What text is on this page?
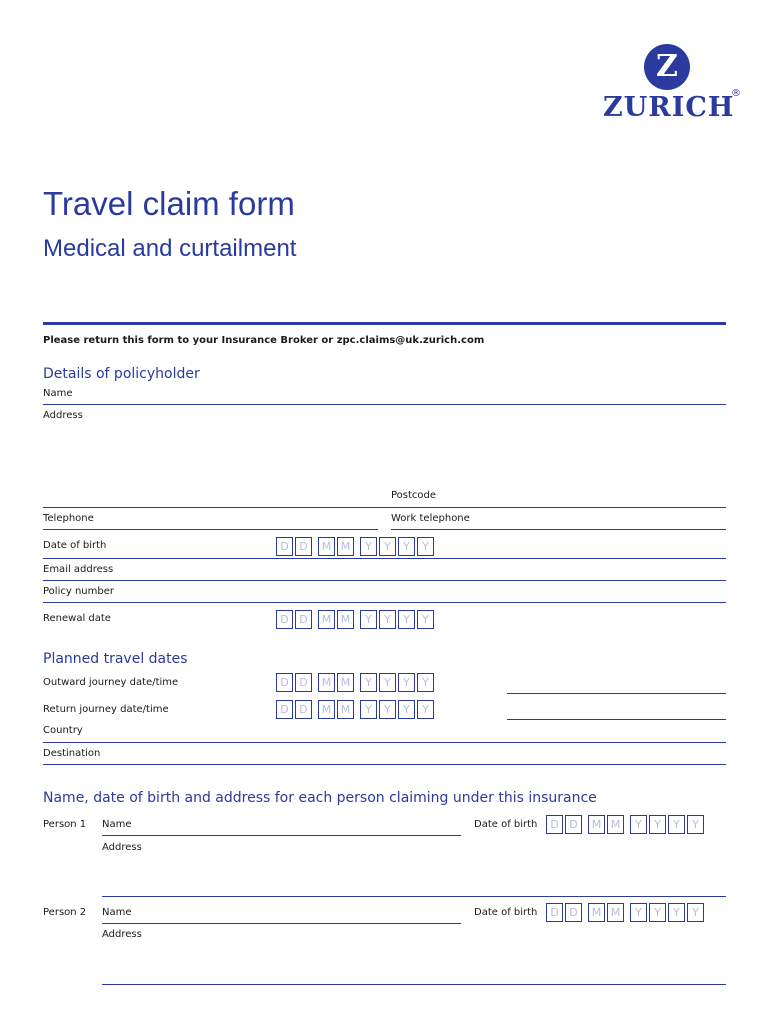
Z
ZURICH
®
Travel claim form
Medical and curtailment
Please return this form to your Insurance Broker or zpc.claims@uk.zurich.com
Details of policyholder
Name
Address
Postcode
Telephone	Work telephone
Date of birth	D D	M M	Y	Y	Y	Y
Email address
Policy number
Renewal date	D D	M M	Y	Y	Y	Y
Planned travel dates
Outward journey date/time	D D	M M	Y	Y	Y	Y
Return journey date/time	D D	M M	Y	Y	Y	Y
Country
Destination
Name, date of birth and address for each person claiming under this insurance
Person 1 Name	Date of birth	D D	M M	Y	Y	Y	Y
Address
Person 2 Name	Date of birth	D D	M M	Y	Y	Y	Y
Address
